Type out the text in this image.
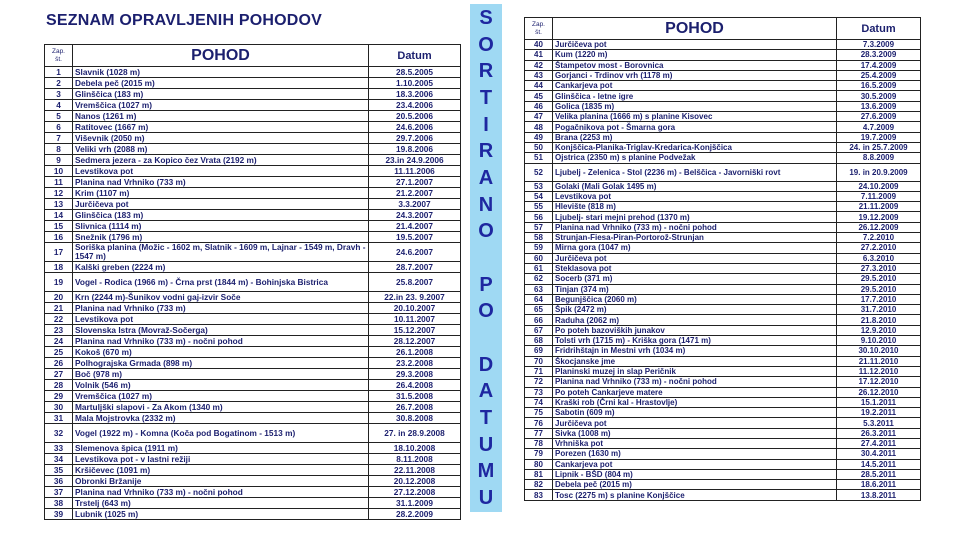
SEZNAM OPRAVLJENIH POHODOV	S
O
R
T
I
R
A
N
O
P
O
D
A
T
U
M
U
Zap.
št.	POHOD	Datum
1	Slavnik (1028 m)	28.5.2005
2	Debela peč (2015 m)	1.10.2005
3	Glinščica (183 m)	18.3.2006
4	Vremščica (1027 m)	23.4.2006
5	Nanos (1261 m)	20.5.2006
6	Ratitovec (1667 m)	24.6.2006
7	Viševnik (2050 m)	29.7.2006
8	Veliki vrh (2088 m)	19.8.2006
9	Sedmera jezera - za Kopico čez Vrata (2192 m)	23.in 24.9.2006
10	Levstikova pot	11.11.2006
11	Planina nad Vrhniko (733 m)	27.1.2007
12	Krim (1107 m)	21.2.2007
13	Jurčičeva pot	3.3.2007
14	Glinščica (183 m)	24.3.2007
15	Slivnica (1114 m)	21.4.2007
16	Snežnik (1796 m)	19.5.2007
17	Soriška planina (Možic - 1602 m, Slatnik - 1609 m, Lajnar - 1549 m, Dravh - 1547 m)	24.6.2007
18	Kalški greben (2224 m)	28.7.2007
19	Vogel - Rodica (1966 m) - Črna prst (1844 m) - Bohinjska Bistrica	25.8.2007
20	Krn (2244 m)-Šunikov vodni gaj-izvir Soče	22.in 23. 9.2007
21	Planina nad Vrhniko (733 m)	20.10.2007
22	Levstikova pot	10.11.2007
23	Slovenska Istra (Movraž-Sočerga)	15.12.2007
24	Planina nad Vrhniko (733 m) - nočni pohod	28.12.2007
25	Kokoš (670 m)	26.1.2008
26	Polhograjska Grmada (898 m)	23.2.2008
27	Boč (978 m)	29.3.2008
28	Volnik (546 m)	26.4.2008
29	Vremščica (1027 m)	31.5.2008
30	Martuljški slapovi - Za Akom (1340 m)	26.7.2008
31	Mala Mojstrovka (2332 m)	30.8.2008
32	Vogel (1922 m) - Komna (Koča pod Bogatinom - 1513 m)	27. in 28.9.2008
33	Slemenova špica (1911 m)	18.10.2008
34	Levstikova pot - v lastni režiji	8.11.2008
35	Kršičevec (1091 m)	22.11.2008
36	Obronki Bržanije	20.12.2008
37	Planina nad Vrhniko (733 m) - nočni pohod	27.12.2008
38	Trstelj (643 m)	31.1.2009
39	Lubnik (1025 m)	28.2.2009
Zap.
št.	POHOD	Datum
40	Jurčičeva pot	7.3.2009
41	Kum (1220 m)	28.3.2009
42	Štampetov most - Borovnica	17.4.2009
43	Gorjanci - Trdinov vrh (1178 m)	25.4.2009
44	Cankarjeva pot	16.5.2009
45	Glinščica - letne igre	30.5.2009
46	Golica (1835 m)	13.6.2009
47	Velika planina (1666 m) s planine Kisovec	27.6.2009
48	Pogačnikova pot - Šmarna gora	4.7.2009
49	Brana (2253 m)	19.7.2009
50	Konjščica-Planika-Triglav-Kredarica-Konjščica	24. in 25.7.2009
51	Ojstrica (2350 m) s planine Podvežak	8.8.2009
52	Ljubelj - Zelenica - Stol (2236 m) - Belščica - Javorniški rovt	19. in 20.9.2009
53	Golaki (Mali Golak 1495 m)	24.10.2009
54	Levstikova pot	7.11.2009
55	Hlevište (818 m)	21.11.2009
56	Ljubelj- stari mejni prehod (1370 m)	19.12.2009
57	Planina nad Vrhniko (733 m) - nočni pohod	26.12.2009
58	Strunjan-Fiesa-Piran-Portorož-Strunjan	7.2.2010
59	Mirna gora (1047 m)	27.2.2010
60	Jurčičeva pot	6.3.2010
61	Steklasova pot	27.3.2010
62	Socerb (371 m)	29.5.2010
63	Tinjan (374 m)	29.5.2010
64	Begunjščica (2060 m)	17.7.2010
65	Špik (2472 m)	31.7.2010
66	Raduha (2062 m)	21.8.2010
67	Po poteh bazoviških junakov	12.9.2010
68	Tolsti vrh (1715 m) - Kriška gora (1471 m)	9.10.2010
69	Fridrihštajn in Mestni vrh (1034 m)	30.10.2010
70	Škocjanske jme	21.11.2010
71	Planinski muzej in slap Peričnik	11.12.2010
72	Planina nad Vrhniko (733 m) - nočni pohod	17.12.2010
73	Po poteh Cankarjeve matere	26.12.2010
74	Kraški rob (Črni kal - Hrastovlje)	15.1.2011
75	Sabotin (609 m)	19.2.2011
76	Jurčičeva pot	5.3.2011
77	Sivka (1008 m)	26.3.2011
78	Vrhniška pot	27.4.2011
79	Porezen (1630 m)	30.4.2011
80	Cankarjeva pot	14.5.2011
81	Lipnik - BŠD (804 m)	28.5.2011
82	Debela peč (2015 m)	18.6.2011
83	Tosc (2275 m) s planine Konjščice	13.8.2011
